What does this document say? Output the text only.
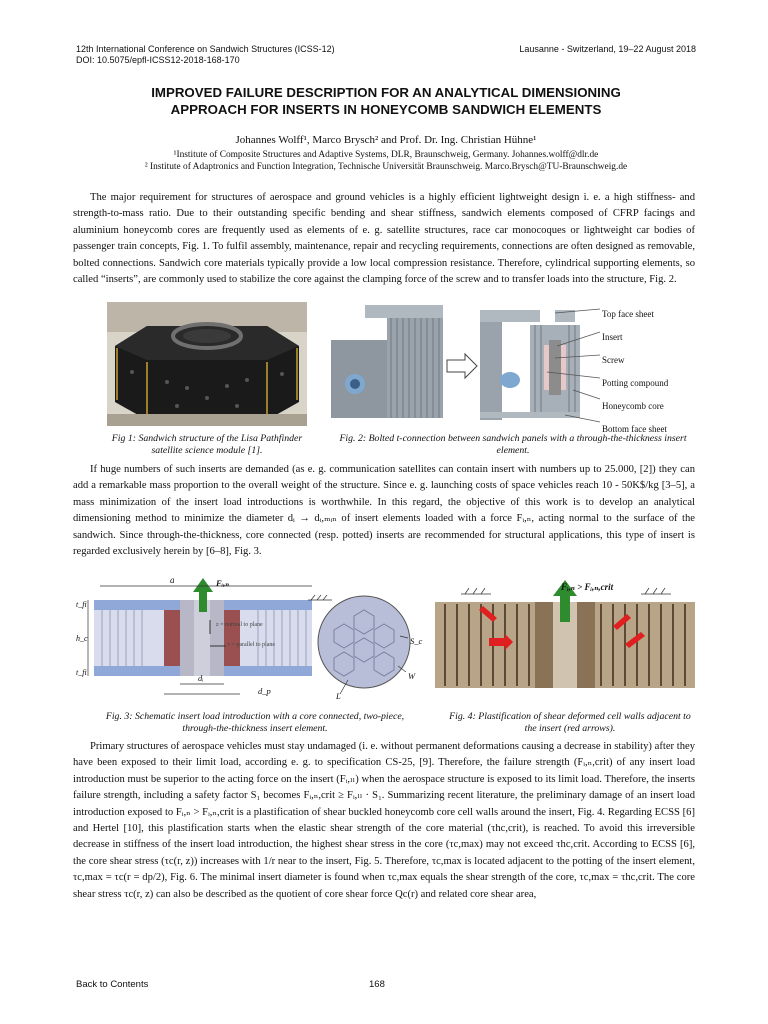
12th International Conference on Sandwich Structures (ICSS-12)	Lausanne - Switzerland, 19–22 August 2018
DOI: 10.5075/epfl-ICSS12-2018-168-170
IMPROVED FAILURE DESCRIPTION FOR AN ANALYTICAL DIMENSIONING
APPROACH FOR INSERTS IN HONEYCOMB SANDWICH ELEMENTS
Johannes Wolff¹, Marco Brysch² and Prof. Dr. Ing. Christian Hühne¹
¹Institute of Composite Structures and Adaptive Systems, DLR, Braunschweig, Germany. Johannes.wolff@dlr.de
² Institute of Adaptronics and Function Integration, Technische Universität Braunschweig. Marco.Brysch@TU-Braunschweig.de

The major requirement for structures of aerospace and ground vehicles is a highly efficient lightweight design i. e. a high stiffness- and strength-to-mass ratio. Due to their outstanding specific bending and shear stiffness, sandwich elements composed of CFRP facings and aluminium honeycomb cores are frequently used as elements of e. g. satellite structures, race car monocoques or lightweight car bodies of passenger train concepts, Fig. 1. To fulfil assembly, maintenance, repair and recycling requirements, connections are often designed as removable, bolted connections. Sandwich core materials typically provide a low local compression resistance. Therefore, cylindrical supporting elements, so called “inserts”, are commonly used to stabilize the core against the clamping force of the screw and to transfer loads into the structure, Fig. 2.

Fig 1: Sandwich structure of the Lisa Pathfinder satellite science module [1].
Top face sheet
Insert
Screw
Potting compound
Honeycomb core
Bottom face sheet
Fig. 2: Bolted t-connection between sandwich panels with a through-the-thickness insert element.

If huge numbers of such inserts are demanded (as e. g. communication satellites can contain insert with numbers up to 25.000, [2]) they can add a remarkable mass proportion to the overall weight of the structure. Since e. g. launching costs of space vehicles reach 10 - 50K$/kg [3–5], a mass minimization of the insert load introductions is worthwhile. In this regard, the objective of this work is to develop an analytical dimensioning method to minimize the diameter dᵢ → dᵢ,ₘᵢₙ of insert elements loaded with a force Fᵢ,ₙ, acting normal to the surface of the sandwich. Since through-the-thickness, core connected (resp. potted) inserts are recommended for structural applications, this type of insert is regarded exclusively herein by [6–8], Fig. 3.

a	Fᵢ,ₙ
t_fi
h_c
t_fi
dᵢ
d_p
z = normal to plane
r = parallel to plane	S_c
W
L
Fig. 3: Schematic insert load introduction with a core connected, two-piece, through-the-thickness insert element.
Fᵢ,ₙ > Fᵢ,ₙ,crit
Fig. 4: Plastification of shear deformed cell walls adjacent to the insert (red arrows).

Primary structures of aerospace vehicles must stay undamaged (i. e. without permanent deformations causing a decrease in stability) after they have been exposed to their limit load, according e. g. to specification CS-25, [9]. Therefore, the failure strength (Fᵢ,ₙ,crit) of any insert load introduction must be superior to the acting force on the insert (Fᵢ,ₗₗ) when the aerospace structure is exposed to its limit load. Therefore, the inserts failure strength, including a safety factor S₁ becomes Fᵢ,ₙ,crit ≥ Fᵢ,ₗₗ · S₁. Summarizing recent literature, the preliminary damage of an insert load introduction exposed to Fᵢ,ₙ > Fᵢ,ₙ,crit is a plastification of shear buckled honeycomb core cell walls around the insert, Fig. 4. Regarding ECSS [6] and Hertel [10], this plastification starts when the elastic shear strength of the core material (τhc,crit), is reached. To avoid this irreversible decrease in stiffness of the insert load introduction, the highest shear stress in the core (τc,max) may not exceed τhc,crit. According to ECSS [6], the core shear stress (τc(r, z)) increases with 1/r near to the insert, Fig. 5. Therefore, τc,max is located adjacent to the potting of the insert element, τc,max = τc(r = dp/2), Fig. 6. The minimal insert diameter is found when τc,max equals the shear strength of the core, τc,max = τhc,crit. The core shear stress τc(r, z) can also be described as the quotient of core shear force Qc(r) and related core shear area,

Back to Contents	168
